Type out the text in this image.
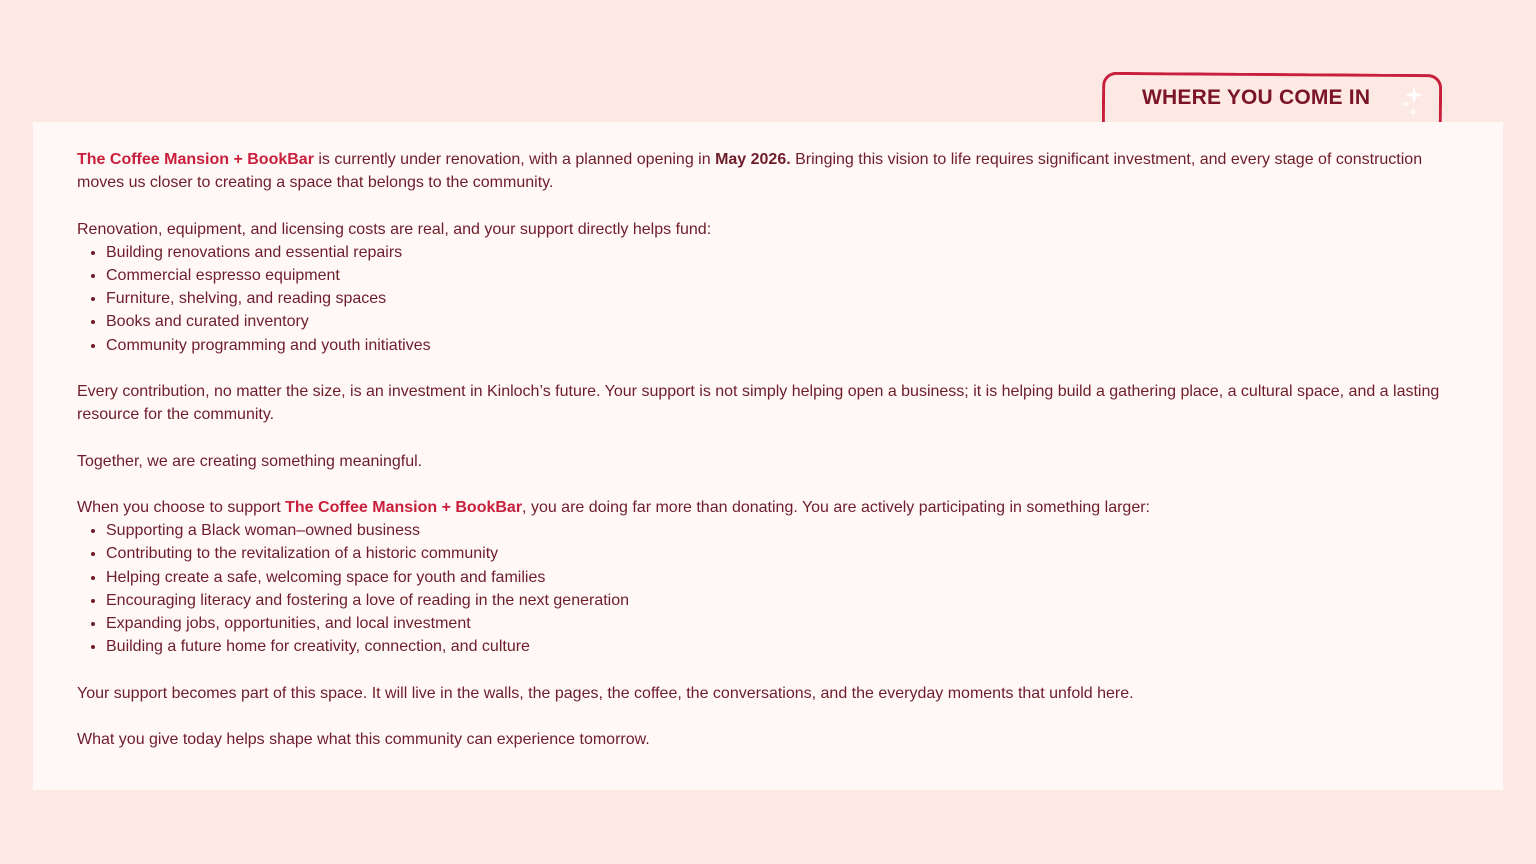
WHERE YOU COME IN

The Coffee Mansion + BookBar is currently under renovation, with a planned opening in May 2026. Bringing this vision to life requires significant investment, and every stage of construction moves us closer to creating a space that belongs to the community.

Renovation, equipment, and licensing costs are real, and your support directly helps fund:

• Building renovations and essential repairs
• Commercial espresso equipment
• Furniture, shelving, and reading spaces
• Books and curated inventory
• Community programming and youth initiatives

Every contribution, no matter the size, is an investment in Kinloch’s future. Your support is not simply helping open a business; it is helping build a gathering place, a cultural space, and a lasting resource for the community.

Together, we are creating something meaningful.

When you choose to support The Coffee Mansion + BookBar, you are doing far more than donating. You are actively participating in something larger:

• Supporting a Black woman–owned business
• Contributing to the revitalization of a historic community
• Helping create a safe, welcoming space for youth and families
• Encouraging literacy and fostering a love of reading in the next generation
• Expanding jobs, opportunities, and local investment
• Building a future home for creativity, connection, and culture

Your support becomes part of this space. It will live in the walls, the pages, the coffee, the conversations, and the everyday moments that unfold here.

What you give today helps shape what this community can experience tomorrow.
